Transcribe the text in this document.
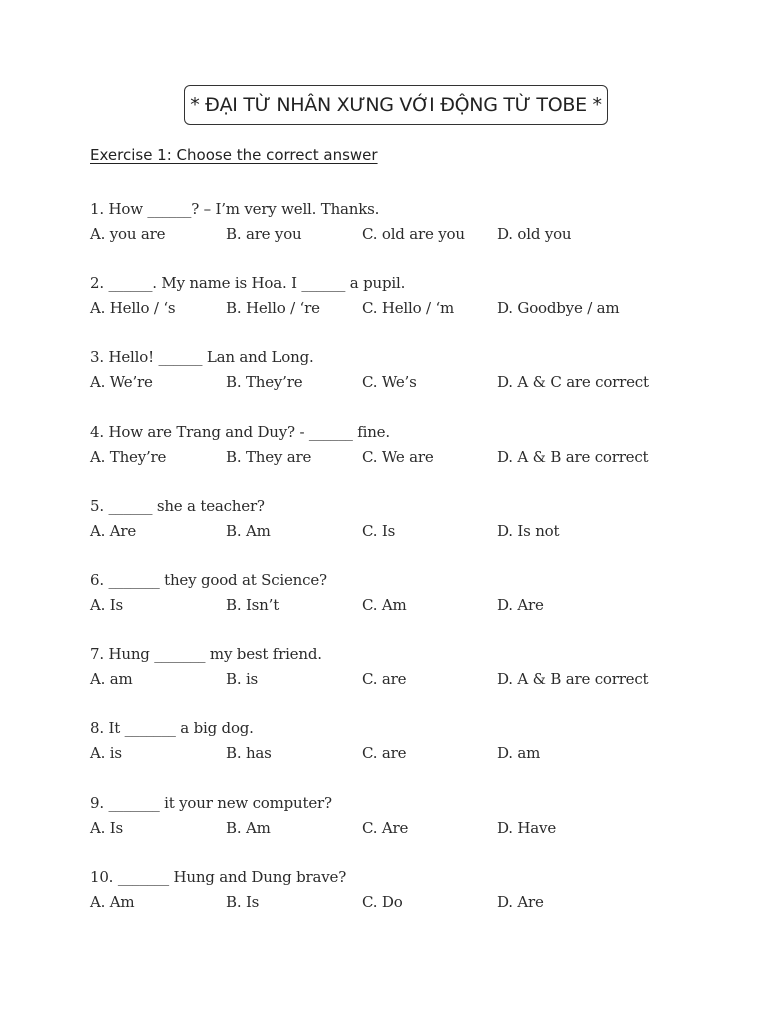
* ĐẠI TỪ NHÂN XƯNG VỚI ĐỘNG TỪ TOBE *
Exercise 1: Choose the correct answer
1. How ______? – I’m very well. Thanks.
A. you are	B. are you	C. old are you D. old you
2. ______. My name is Hoa. I ______ a pupil.
A. Hello / ‘s	B. Hello / ‘re	C. Hello / ‘m	D. Goodbye / am
3. Hello! ______ Lan and Long.
A. We’re	B. They’re	C. We’s	D. A & C are correct
4. How are Trang and Duy? - ______ fine.
A. They’re	B. They are	C. We are	D. A & B are correct
5. ______ she a teacher?
A. Are	B. Am	C. Is	D. Is not
6. _______ they good at Science?
A. Is	B. Isn’t	C. Am	D. Are
7. Hung _______ my best friend.
A. am	B. is	C. are	D. A & B are correct
8. It _______ a big dog.
A. is	B. has	C. are	D. am
9. _______ it your new computer?
A. Is	B. Am	C. Are	D. Have
10. _______ Hung and Dung brave?
A. Am	B. Is	C. Do	D. Are
